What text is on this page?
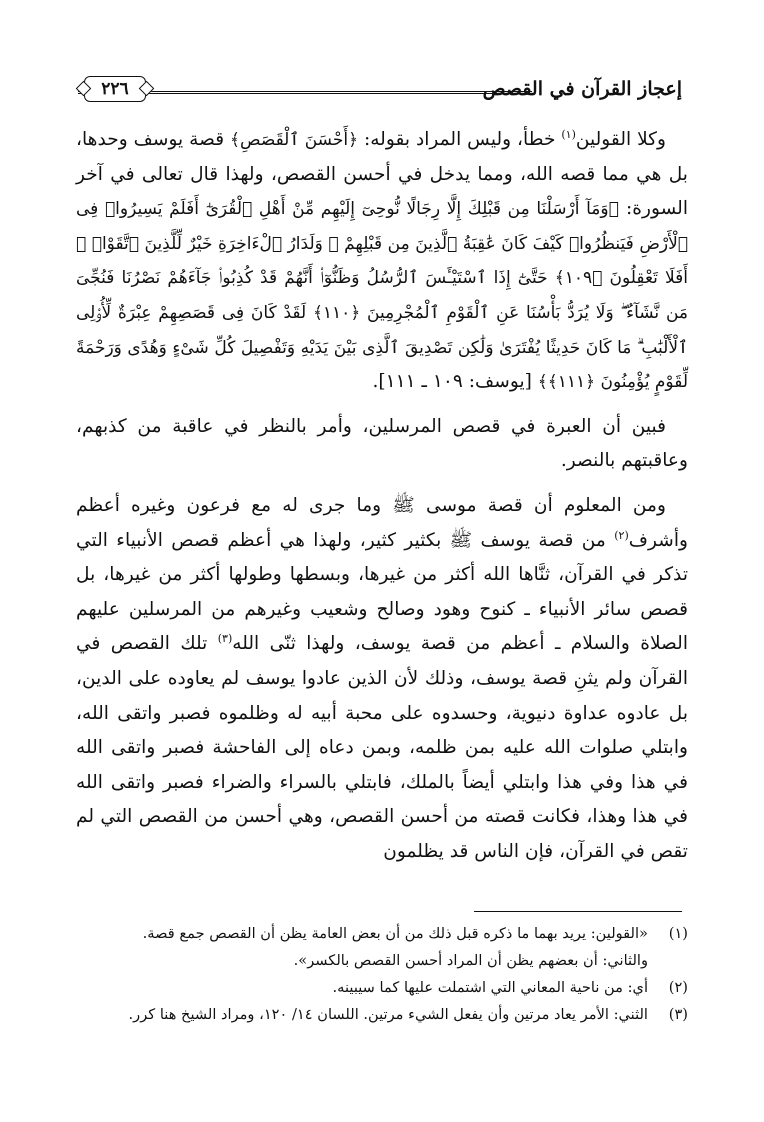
إعجاز القرآن في القصص
٢٢٦

وكلا القولين$^{(١)}$ خطأ، وليس المراد بقوله: ﴿أَحْسَنَ ٱلْقَصَصِ﴾ قصة يوسف وحدها، بل هي مما قصه الله، ومما يدخل في أحسن القصص، ولهذا قال تعالى في آخر السورة: ﴿وَمَآ أَرْسَلْنَا مِن قَبْلِكَ إِلَّا رِجَالًا نُّوحِىٓ إِلَيْهِم مِّنْ أَهْلِ ٱلْقُرَىٰٓ أَفَلَمْ يَسِيرُوا۟ فِى ٱلْأَرْضِ فَيَنظُرُوا۟ كَيْفَ كَانَ عَٰقِبَةُ ٱلَّذِينَ مِن قَبْلِهِمْ ۗ وَلَدَارُ ٱلْءَاخِرَةِ خَيْرٌ لِّلَّذِينَ ٱتَّقَوْا۟ ۗ أَفَلَا تَعْقِلُونَ ﴿١٠٩﴾ حَتَّىٰٓ إِذَا ٱسْتَيْـَٔسَ ٱلرُّسُلُ وَظَنُّوٓا۟ أَنَّهُمْ قَدْ كُذِبُوا۟ جَآءَهُمْ نَصْرُنَا فَنُجِّىَ مَن نَّشَآءُ ۖ وَلَا يُرَدُّ بَأْسُنَا عَنِ ٱلْقَوْمِ ٱلْمُجْرِمِينَ ﴿١١٠﴾ لَقَدْ كَانَ فِى قَصَصِهِمْ عِبْرَةٌ لِّأُو۟لِى ٱلْأَلْبَٰبِ ۗ مَا كَانَ حَدِيثًا يُفْتَرَىٰ وَلَٰكِن تَصْدِيقَ ٱلَّذِى بَيْنَ يَدَيْهِ وَتَفْصِيلَ كُلِّ شَىْءٍ وَهُدًى وَرَحْمَةً لِّقَوْمٍ يُؤْمِنُونَ ﴿١١١﴾﴾ [يوسف: ١٠٩ ـ ١١١].

فبين أن العبرة في قصص المرسلين، وأمر بالنظر في عاقبة من كذبهم، وعاقبتهم بالنصر.

ومن المعلوم أن قصة موسى ﷺ وما جرى له مع فرعون وغيره أعظم وأشرف$^{(٢)}$ من قصة يوسف ﷺ بكثير كثير، ولهذا هي أعظم قصص الأنبياء التي تذكر في القرآن، ثنَّاها الله أكثر من غيرها، وبسطها وطولها أكثر من غيرها، بل قصص سائر الأنبياء ـ كنوح وهود وصالح وشعيب وغيرهم من المرسلين عليهم الصلاة والسلام ـ أعظم من قصة يوسف، ولهذا ثنّى الله$^{(٣)}$ تلك القصص في القرآن ولم يثنِ قصة يوسف، وذلك لأن الذين عادوا يوسف لم يعاوده على الدين، بل عادوه عداوة دنيوية، وحسدوه على محبة أبيه له وظلموه فصبر واتقى الله، وابتلي صلوات الله عليه بمن ظلمه، وبمن دعاه إلى الفاحشة فصبر واتقى الله في هذا وفي هذا وابتلي أيضاً بالملك، فابتلي بالسراء والضراء فصبر واتقى الله في هذا وهذا، فكانت قصته من أحسن القصص، وهي أحسن من القصص التي لم تقص في القرآن، فإن الناس قد يظلمون

(١)
«القولين: يريد بهما ما ذكره قبل ذلك من أن بعض العامة يظن أن القصص جمع قصة.
والثاني: أن بعضهم يظن أن المراد أحسن القصص بالكسر».
(٢)
أي: من ناحية المعاني التي اشتملت عليها كما سيبينه.
(٣)
الثني: الأمر يعاد مرتين وأن يفعل الشيء مرتين. اللسان ١٤/ ١٢٠، ومراد الشيخ هنا كرر.
